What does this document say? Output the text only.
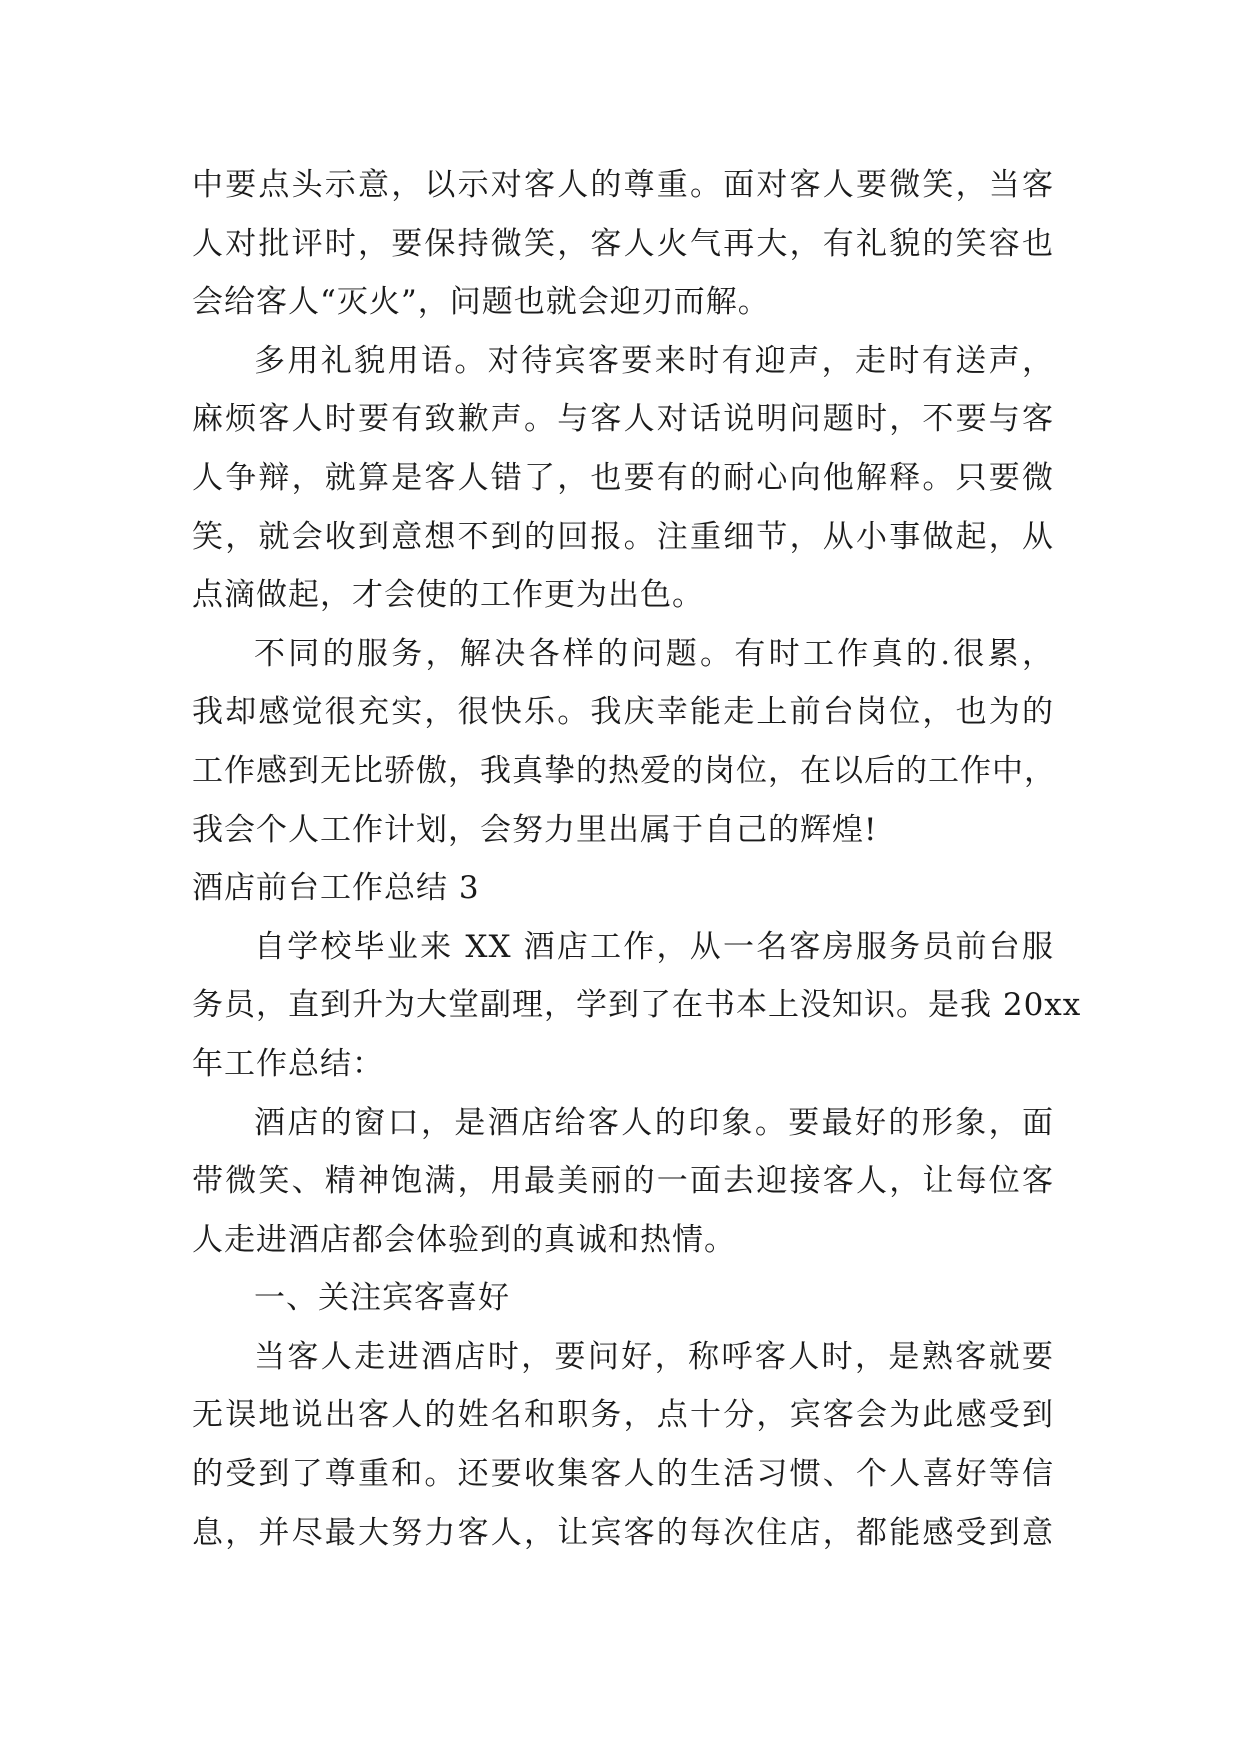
中要点头示意，以示对客人的尊重。面对客人要微笑，当客
人对批评时，要保持微笑，客人火气再大，有礼貌的笑容也
会给客人“灭火”，问题也就会迎刃而解。
多用礼貌用语。对待宾客要来时有迎声，走时有送声，
麻烦客人时要有致歉声。与客人对话说明问题时，不要与客
人争辩，就算是客人错了，也要有的耐心向他解释。只要微
笑，就会收到意想不到的回报。注重细节，从小事做起，从
点滴做起，才会使的工作更为出色。
不同的服务，解决各样的问题。有时工作真的.很累，
我却感觉很充实，很快乐。我庆幸能走上前台岗位，也为的
工作感到无比骄傲，我真挚的热爱的岗位，在以后的工作中，
我会个人工作计划，会努力里出属于自己的辉煌!
酒店前台工作总结 3
自学校毕业来 XX 酒店工作，从一名客房服务员前台服
务员，直到升为大堂副理，学到了在书本上没知识。是我 20xx
年工作总结：
酒店的窗口，是酒店给客人的印象。要最好的形象，面
带微笑、精神饱满，用最美丽的一面去迎接客人，让每位客
人走进酒店都会体验到的真诚和热情。
一、关注宾客喜好
当客人走进酒店时，要问好，称呼客人时，是熟客就要
无误地说出客人的姓名和职务，点十分，宾客会为此感受到
的受到了尊重和。还要收集客人的生活习惯、个人喜好等信
息，并尽最大努力客人，让宾客的每次住店，都能感受到意
